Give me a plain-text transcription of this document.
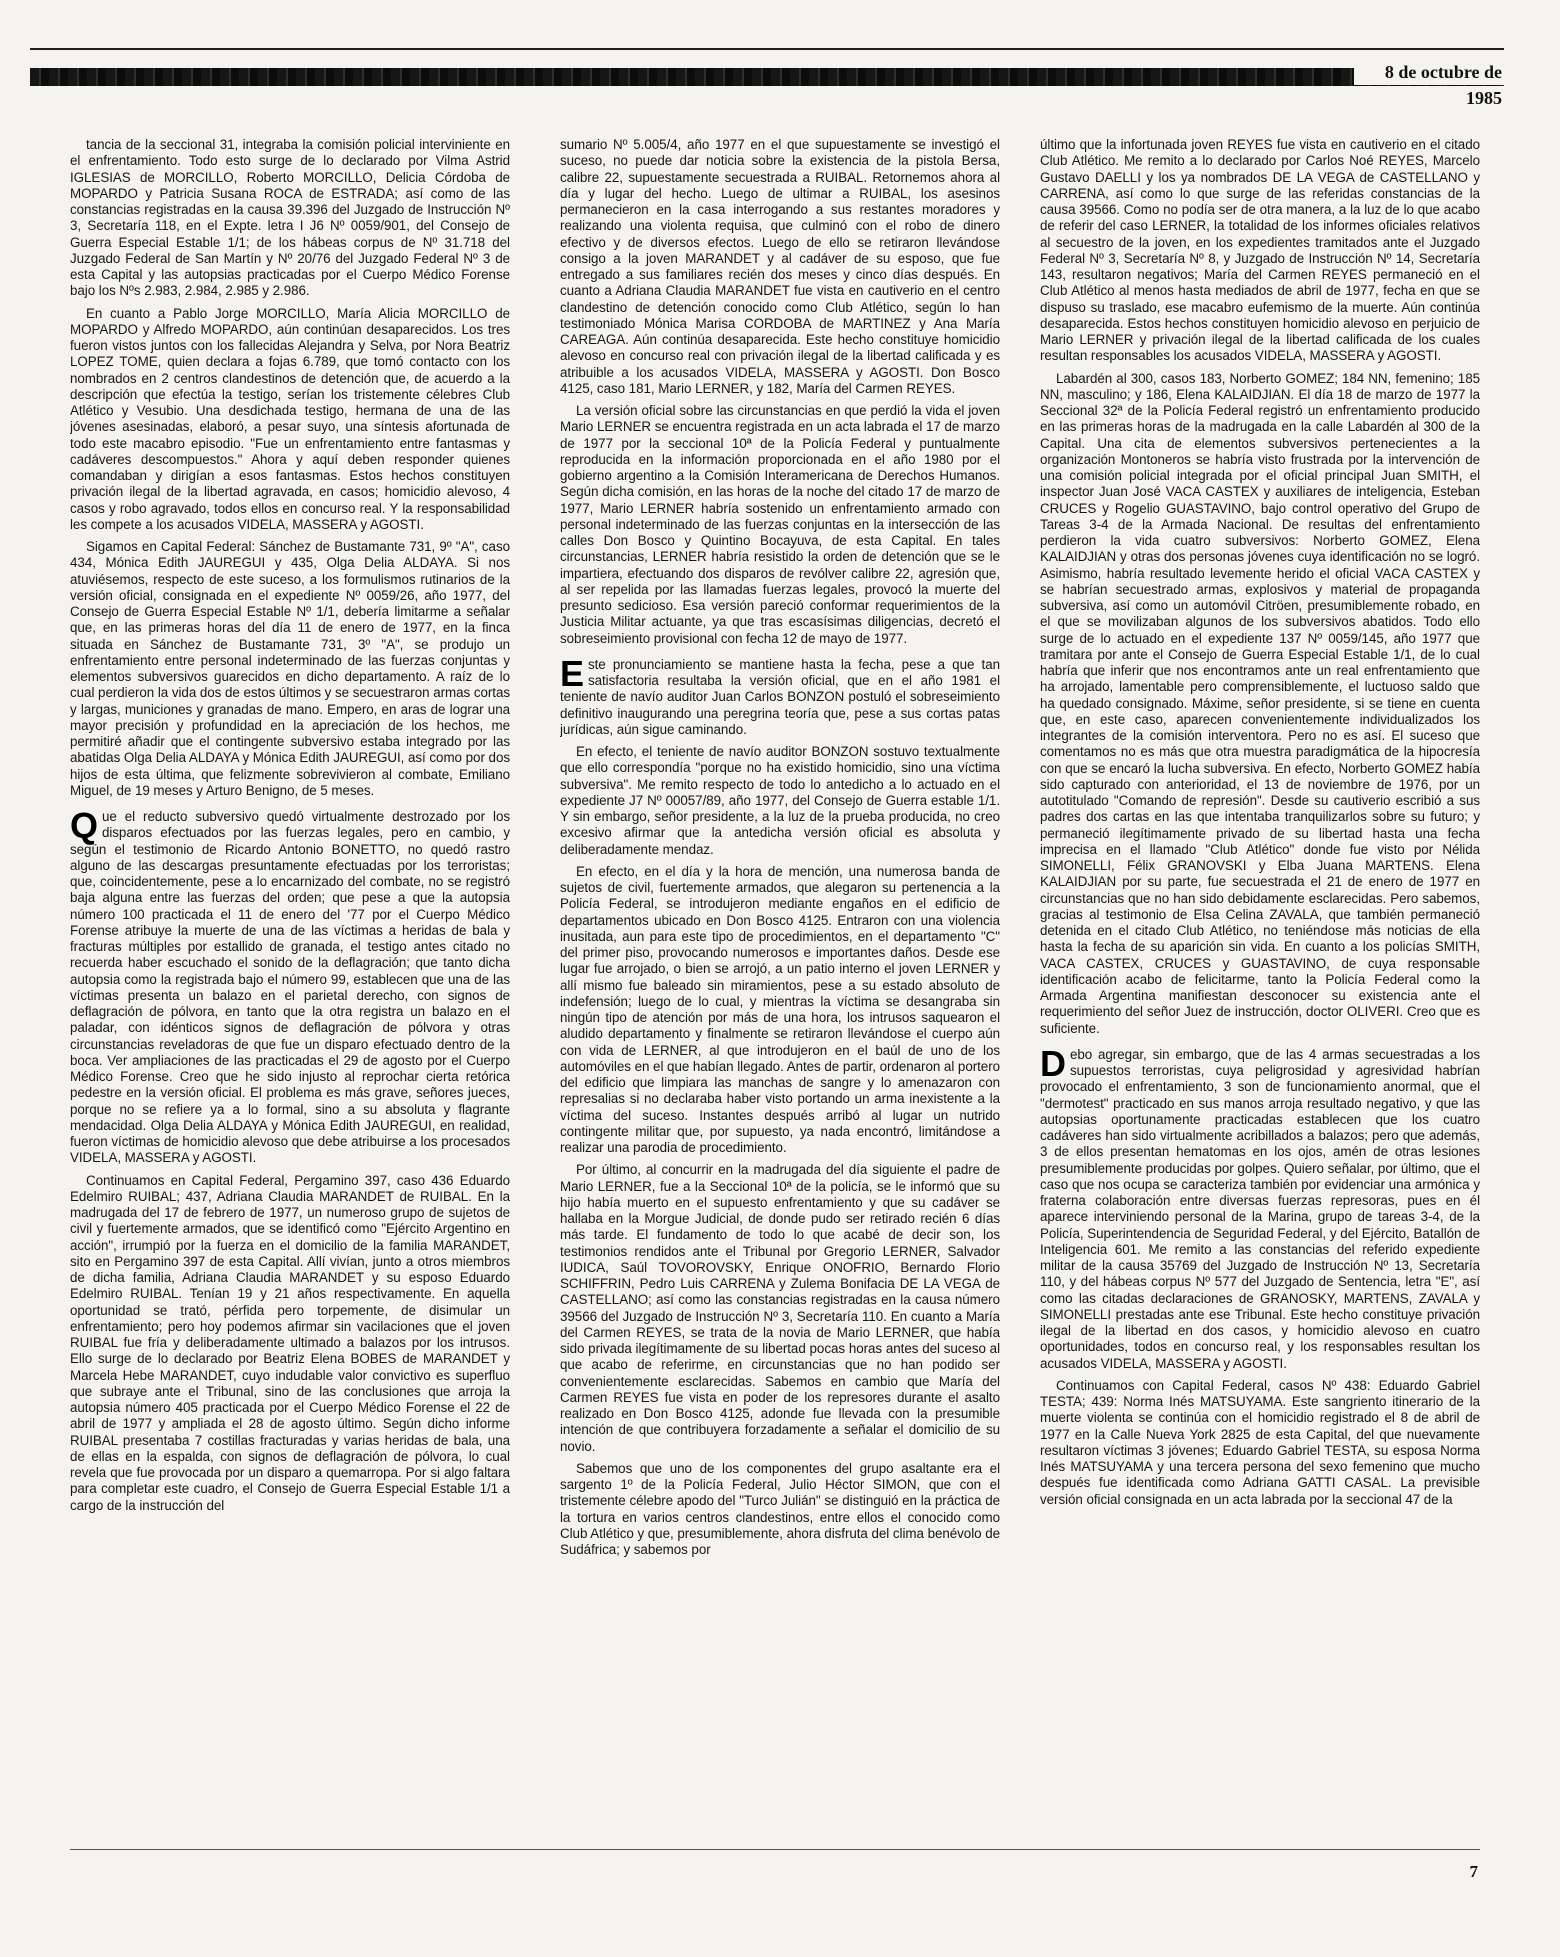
8 de octubre de 1985

tancia de la seccional 31, integraba la comisión policial interviniente en el enfrentamiento. Todo esto surge de lo declarado por Vilma Astrid IGLESIAS de MORCILLO, Roberto MORCILLO, Delicia Córdoba de MOPARDO y Patricia Susana ROCA de ESTRADA; así como de las constancias registradas en la causa 39.396 del Juzgado de Instrucción Nº 3, Secretaría 118, en el Expte. letra I J6 Nº 0059/901, del Consejo de Guerra Especial Estable 1/1; de los hábeas corpus de Nº 31.718 del Juzgado Federal de San Martín y Nº 20/76 del Juzgado Federal Nº 3 de esta Capital y las autopsias practicadas por el Cuerpo Médico Forense bajo los Nºs 2.983, 2.984, 2.985 y 2.986.

En cuanto a Pablo Jorge MORCILLO, María Alicia MORCILLO de MOPARDO y Alfredo MOPARDO, aún continúan desaparecidos. Los tres fueron vistos juntos con los fallecidas Alejandra y Selva, por Nora Beatriz LOPEZ TOME, quien declara a fojas 6.789, que tomó contacto con los nombrados en 2 centros clandestinos de detención que, de acuerdo a la descripción que efectúa la testigo, serían los tristemente célebres Club Atlético y Vesubio. Una desdichada testigo, hermana de una de las jóvenes asesinadas, elaboró, a pesar suyo, una síntesis afortunada de todo este macabro episodio. "Fue un enfrentamiento entre fantasmas y cadáveres descompuestos." Ahora y aquí deben responder quienes comandaban y dirigían a esos fantasmas. Estos hechos constituyen privación ilegal de la libertad agravada, en casos; homicidio alevoso, 4 casos y robo agravado, todos ellos en concurso real. Y la responsabilidad les compete a los acusados VIDELA, MASSERA y AGOSTI.

Sigamos en Capital Federal: Sánchez de Bustamante 731, 9º "A", caso 434, Mónica Edith JAUREGUI y 435, Olga Delia ALDAYA. Si nos atuviésemos, respecto de este suceso, a los formulismos rutinarios de la versión oficial, consignada en el expediente Nº 0059/26, año 1977, del Consejo de Guerra Especial Estable Nº 1/1, debería limitarme a señalar que, en las primeras horas del día 11 de enero de 1977, en la finca situada en Sánchez de Bustamante 731, 3º "A", se produjo un enfrentamiento entre personal indeterminado de las fuerzas conjuntas y elementos subversivos guarecidos en dicho departamento. A raíz de lo cual perdieron la vida dos de estos últimos y se secuestraron armas cortas y largas, municiones y granadas de mano. Empero, en aras de lograr una mayor precisión y profundidad en la apreciación de los hechos, me permitiré añadir que el contingente subversivo estaba integrado por las abatidas Olga Delia ALDAYA y Mónica Edith JAUREGUI, así como por dos hijos de esta última, que felizmente sobrevivieron al combate, Emiliano Miguel, de 19 meses y Arturo Benigno, de 5 meses.

Que el reducto subversivo quedó virtualmente destrozado por los disparos efectuados por las fuerzas legales, pero en cambio, y según el testimonio de Ricardo Antonio BONETTO, no quedó rastro alguno de las descargas presuntamente efectuadas por los terroristas; que, coincidentemente, pese a lo encarnizado del combate, no se registró baja alguna entre las fuerzas del orden; que pese a que la autopsia número 100 practicada el 11 de enero del '77 por el Cuerpo Médico Forense atribuye la muerte de una de las víctimas a heridas de bala y fracturas múltiples por estallido de granada, el testigo antes citado no recuerda haber escuchado el sonido de la deflagración; que tanto dicha autopsia como la registrada bajo el número 99, establecen que una de las víctimas presenta un balazo en el parietal derecho, con signos de deflagración de pólvora, en tanto que la otra registra un balazo en el paladar, con idénticos signos de deflagración de pólvora y otras circunstancias reveladoras de que fue un disparo efectuado dentro de la boca. Ver ampliaciones de las practicadas el 29 de agosto por el Cuerpo Médico Forense. Creo que he sido injusto al reprochar cierta retórica pedestre en la versión oficial. El problema es más grave, señores jueces, porque no se refiere ya a lo formal, sino a su absoluta y flagrante mendacidad. Olga Delia ALDAYA y Mónica Edith JAUREGUI, en realidad, fueron víctimas de homicidio alevoso que debe atribuirse a los procesados VIDELA, MASSERA y AGOSTI.

Continuamos en Capital Federal, Pergamino 397, caso 436 Eduardo Edelmiro RUIBAL; 437, Adriana Claudia MARANDET de RUIBAL. En la madrugada del 17 de febrero de 1977, un numeroso grupo de sujetos de civil y fuertemente armados, que se identificó como "Ejército Argentino en acción", irrumpió por la fuerza en el domicilio de la familia MARANDET, sito en Pergamino 397 de esta Capital. Allí vivían, junto a otros miembros de dicha familia, Adriana Claudia MARANDET y su esposo Eduardo Edelmiro RUIBAL. Tenían 19 y 21 años respectivamente. En aquella oportunidad se trató, pérfida pero torpemente, de disimular un enfrentamiento; pero hoy podemos afirmar sin vacilaciones que el joven RUIBAL fue fría y deliberadamente ultimado a balazos por los intrusos. Ello surge de lo declarado por Beatriz Elena BOBES de MARANDET y Marcela Hebe MARANDET, cuyo indudable valor convictivo es superfluo que subraye ante el Tribunal, sino de las conclusiones que arroja la autopsia número 405 practicada por el Cuerpo Médico Forense el 22 de abril de 1977 y ampliada el 28 de agosto último. Según dicho informe RUIBAL presentaba 7 costillas fracturadas y varias heridas de bala, una de ellas en la espalda, con signos de deflagración de pólvora, lo cual revela que fue provocada por un disparo a quemarropa. Por si algo faltara para completar este cuadro, el Consejo de Guerra Especial Estable 1/1 a cargo de la instrucción del

sumario Nº 5.005/4, año 1977 en el que supuestamente se investigó el suceso, no puede dar noticia sobre la existencia de la pistola Bersa, calibre 22, supuestamente secuestrada a RUIBAL. Retornemos ahora al día y lugar del hecho. Luego de ultimar a RUIBAL, los asesinos permanecieron en la casa interrogando a sus restantes moradores y realizando una violenta requisa, que culminó con el robo de dinero efectivo y de diversos efectos. Luego de ello se retiraron llevándose consigo a la joven MARANDET y al cadáver de su esposo, que fue entregado a sus familiares recién dos meses y cinco días después. En cuanto a Adriana Claudia MARANDET fue vista en cautiverio en el centro clandestino de detención conocido como Club Atlético, según lo han testimoniado Mónica Marisa CORDOBA de MARTINEZ y Ana María CAREAGA. Aún continúa desaparecida. Este hecho constituye homicidio alevoso en concurso real con privación ilegal de la libertad calificada y es atribuible a los acusados VIDELA, MASSERA y AGOSTI. Don Bosco 4125, caso 181, Mario LERNER, y 182, María del Carmen REYES.

La versión oficial sobre las circunstancias en que perdió la vida el joven Mario LERNER se encuentra registrada en un acta labrada el 17 de marzo de 1977 por la seccional 10ª de la Policía Federal y puntualmente reproducida en la información proporcionada en el año 1980 por el gobierno argentino a la Comisión Interamericana de Derechos Humanos. Según dicha comisión, en las horas de la noche del citado 17 de marzo de 1977, Mario LERNER habría sostenido un enfrentamiento armado con personal indeterminado de las fuerzas conjuntas en la intersección de las calles Don Bosco y Quintino Bocayuva, de esta Capital. En tales circunstancias, LERNER habría resistido la orden de detención que se le impartiera, efectuando dos disparos de revólver calibre 22, agresión que, al ser repelida por las llamadas fuerzas legales, provocó la muerte del presunto sedicioso. Esa versión pareció conformar requerimientos de la Justicia Militar actuante, ya que tras escasísimas diligencias, decretó el sobreseimiento provisional con fecha 12 de mayo de 1977.

Este pronunciamiento se mantiene hasta la fecha, pese a que tan satisfactoria resultaba la versión oficial, que en el año 1981 el teniente de navío auditor Juan Carlos BONZON postuló el sobreseimiento definitivo inaugurando una peregrina teoría que, pese a sus cortas patas jurídicas, aún sigue caminando.

En efecto, el teniente de navío auditor BONZON sostuvo textualmente que ello correspondía "porque no ha existido homicidio, sino una víctima subversiva". Me remito respecto de todo lo antedicho a lo actuado en el expediente J7 Nº 00057/89, año 1977, del Consejo de Guerra estable 1/1. Y sin embargo, señor presidente, a la luz de la prueba producida, no creo excesivo afirmar que la antedicha versión oficial es absoluta y deliberadamente mendaz.

En efecto, en el día y la hora de mención, una numerosa banda de sujetos de civil, fuertemente armados, que alegaron su pertenencia a la Policía Federal, se introdujeron mediante engaños en el edificio de departamentos ubicado en Don Bosco 4125. Entraron con una violencia inusitada, aun para este tipo de procedimientos, en el departamento "C" del primer piso, provocando numerosos e importantes daños. Desde ese lugar fue arrojado, o bien se arrojó, a un patio interno el joven LERNER y allí mismo fue baleado sin miramientos, pese a su estado absoluto de indefensión; luego de lo cual, y mientras la víctima se desangraba sin ningún tipo de atención por más de una hora, los intrusos saquearon el aludido departamento y finalmente se retiraron llevándose el cuerpo aún con vida de LERNER, al que introdujeron en el baúl de uno de los automóviles en el que habían llegado. Antes de partir, ordenaron al portero del edificio que limpiara las manchas de sangre y lo amenazaron con represalias si no declaraba haber visto portando un arma inexistente a la víctima del suceso. Instantes después arribó al lugar un nutrido contingente militar que, por supuesto, ya nada encontró, limitándose a realizar una parodia de procedimiento.

Por último, al concurrir en la madrugada del día siguiente el padre de Mario LERNER, fue a la Seccional 10ª de la policía, se le informó que su hijo había muerto en el supuesto enfrentamiento y que su cadáver se hallaba en la Morgue Judicial, de donde pudo ser retirado recién 6 días más tarde. El fundamento de todo lo que acabé de decir son, los testimonios rendidos ante el Tribunal por Gregorio LERNER, Salvador IUDICA, Saúl TOVOROVSKY, Enrique ONOFRIO, Bernardo Florio SCHIFFRIN, Pedro Luis CARRENA y Zulema Bonifacia DE LA VEGA de CASTELLANO; así como las constancias registradas en la causa número 39566 del Juzgado de Instrucción Nº 3, Secretaría 110. En cuanto a María del Carmen REYES, se trata de la novia de Mario LERNER, que había sido privada ilegítimamente de su libertad pocas horas antes del suceso al que acabo de referirme, en circunstancias que no han podido ser convenientemente esclarecidas. Sabemos en cambio que María del Carmen REYES fue vista en poder de los represores durante el asalto realizado en Don Bosco 4125, adonde fue llevada con la presumible intención de que contribuyera forzadamente a señalar el domicilio de su novio.

Sabemos que uno de los componentes del grupo asaltante era el sargento 1º de la Policía Federal, Julio Héctor SIMON, que con el tristemente célebre apodo del "Turco Julián" se distinguió en la práctica de la tortura en varios centros clandestinos, entre ellos el conocido como Club Atlético y que, presumiblemente, ahora disfruta del clima benévolo de Sudáfrica; y sabemos por

último que la infortunada joven REYES fue vista en cautiverio en el citado Club Atlético. Me remito a lo declarado por Carlos Noé REYES, Marcelo Gustavo DAELLI y los ya nombrados DE LA VEGA de CASTELLANO y CARRENA, así como lo que surge de las referidas constancias de la causa 39566. Como no podía ser de otra manera, a la luz de lo que acabo de referir del caso LERNER, la totalidad de los informes oficiales relativos al secuestro de la joven, en los expedientes tramitados ante el Juzgado Federal Nº 3, Secretaría Nº 8, y Juzgado de Instrucción Nº 14, Secretaría 143, resultaron negativos; María del Carmen REYES permaneció en el Club Atlético al menos hasta mediados de abril de 1977, fecha en que se dispuso su traslado, ese macabro eufemismo de la muerte. Aún continúa desaparecida. Estos hechos constituyen homicidio alevoso en perjuicio de Mario LERNER y privación ilegal de la libertad calificada de los cuales resultan responsables los acusados VIDELA, MASSERA y AGOSTI.

Labardén al 300, casos 183, Norberto GOMEZ; 184 NN, femenino; 185 NN, masculino; y 186, Elena KALAIDJIAN. El día 18 de marzo de 1977 la Seccional 32ª de la Policía Federal registró un enfrentamiento producido en las primeras horas de la madrugada en la calle Labardén al 300 de la Capital. Una cita de elementos subversivos pertenecientes a la organización Montoneros se habría visto frustrada por la intervención de una comisión policial integrada por el oficial principal Juan SMITH, el inspector Juan José VACA CASTEX y auxiliares de inteligencia, Esteban CRUCES y Rogelio GUASTAVINO, bajo control operativo del Grupo de Tareas 3-4 de la Armada Nacional. De resultas del enfrentamiento perdieron la vida cuatro subversivos: Norberto GOMEZ, Elena KALAIDJIAN y otras dos personas jóvenes cuya identificación no se logró. Asimismo, habría resultado levemente herido el oficial VACA CASTEX y se habrían secuestrado armas, explosivos y material de propaganda subversiva, así como un automóvil Citröen, presumiblemente robado, en el que se movilizaban algunos de los subversivos abatidos. Todo ello surge de lo actuado en el expediente 137 Nº 0059/145, año 1977 que tramitara por ante el Consejo de Guerra Especial Estable 1/1, de lo cual habría que inferir que nos encontramos ante un real enfrentamiento que ha arrojado, lamentable pero comprensiblemente, el luctuoso saldo que ha quedado consignado. Máxime, señor presidente, si se tiene en cuenta que, en este caso, aparecen convenientemente individualizados los integrantes de la comisión interventora. Pero no es así. El suceso que comentamos no es más que otra muestra paradigmática de la hipocresía con que se encaró la lucha subversiva. En efecto, Norberto GOMEZ había sido capturado con anterioridad, el 13 de noviembre de 1976, por un autotitulado "Comando de represión". Desde su cautiverio escribió a sus padres dos cartas en las que intentaba tranquilizarlos sobre su futuro; y permaneció ilegítimamente privado de su libertad hasta una fecha imprecisa en el llamado "Club Atlético" donde fue visto por Nélida SIMONELLI, Félix GRANOVSKI y Elba Juana MARTENS. Elena KALAIDJIAN por su parte, fue secuestrada el 21 de enero de 1977 en circunstancias que no han sido debidamente esclarecidas. Pero sabemos, gracias al testimonio de Elsa Celina ZAVALA, que también permaneció detenida en el citado Club Atlético, no teniéndose más noticias de ella hasta la fecha de su aparición sin vida. En cuanto a los policías SMITH, VACA CASTEX, CRUCES y GUASTAVINO, de cuya responsable identificación acabo de felicitarme, tanto la Policía Federal como la Armada Argentina manifiestan desconocer su existencia ante el requerimiento del señor Juez de instrucción, doctor OLIVERI. Creo que es suficiente.

Debo agregar, sin embargo, que de las 4 armas secuestradas a los supuestos terroristas, cuya peligrosidad y agresividad habrían provocado el enfrentamiento, 3 son de funcionamiento anormal, que el "dermotest" practicado en sus manos arroja resultado negativo, y que las autopsias oportunamente practicadas establecen que los cuatro cadáveres han sido virtualmente acribillados a balazos; pero que además, 3 de ellos presentan hematomas en los ojos, amén de otras lesiones presumiblemente producidas por golpes. Quiero señalar, por último, que el caso que nos ocupa se caracteriza también por evidenciar una armónica y fraterna colaboración entre diversas fuerzas represoras, pues en él aparece interviniendo personal de la Marina, grupo de tareas 3-4, de la Policía, Superintendencia de Seguridad Federal, y del Ejército, Batallón de Inteligencia 601. Me remito a las constancias del referido expediente militar de la causa 35769 del Juzgado de Instrucción Nº 13, Secretaría 110, y del hábeas corpus Nº 577 del Juzgado de Sentencia, letra "E", así como las citadas declaraciones de GRANOSKY, MARTENS, ZAVALA y SIMONELLI prestadas ante ese Tribunal. Este hecho constituye privación ilegal de la libertad en dos casos, y homicidio alevoso en cuatro oportunidades, todos en concurso real, y los responsables resultan los acusados VIDELA, MASSERA y AGOSTI.

Continuamos con Capital Federal, casos Nº 438: Eduardo Gabriel TESTA; 439: Norma Inés MATSUYAMA. Este sangriento itinerario de la muerte violenta se continúa con el homicidio registrado el 8 de abril de 1977 en la Calle Nueva York 2825 de esta Capital, del que nuevamente resultaron víctimas 3 jóvenes; Eduardo Gabriel TESTA, su esposa Norma Inés MATSUYAMA y una tercera persona del sexo femenino que mucho después fue identificada como Adriana GATTI CASAL. La previsible versión oficial consignada en un acta labrada por la seccional 47 de la

7
